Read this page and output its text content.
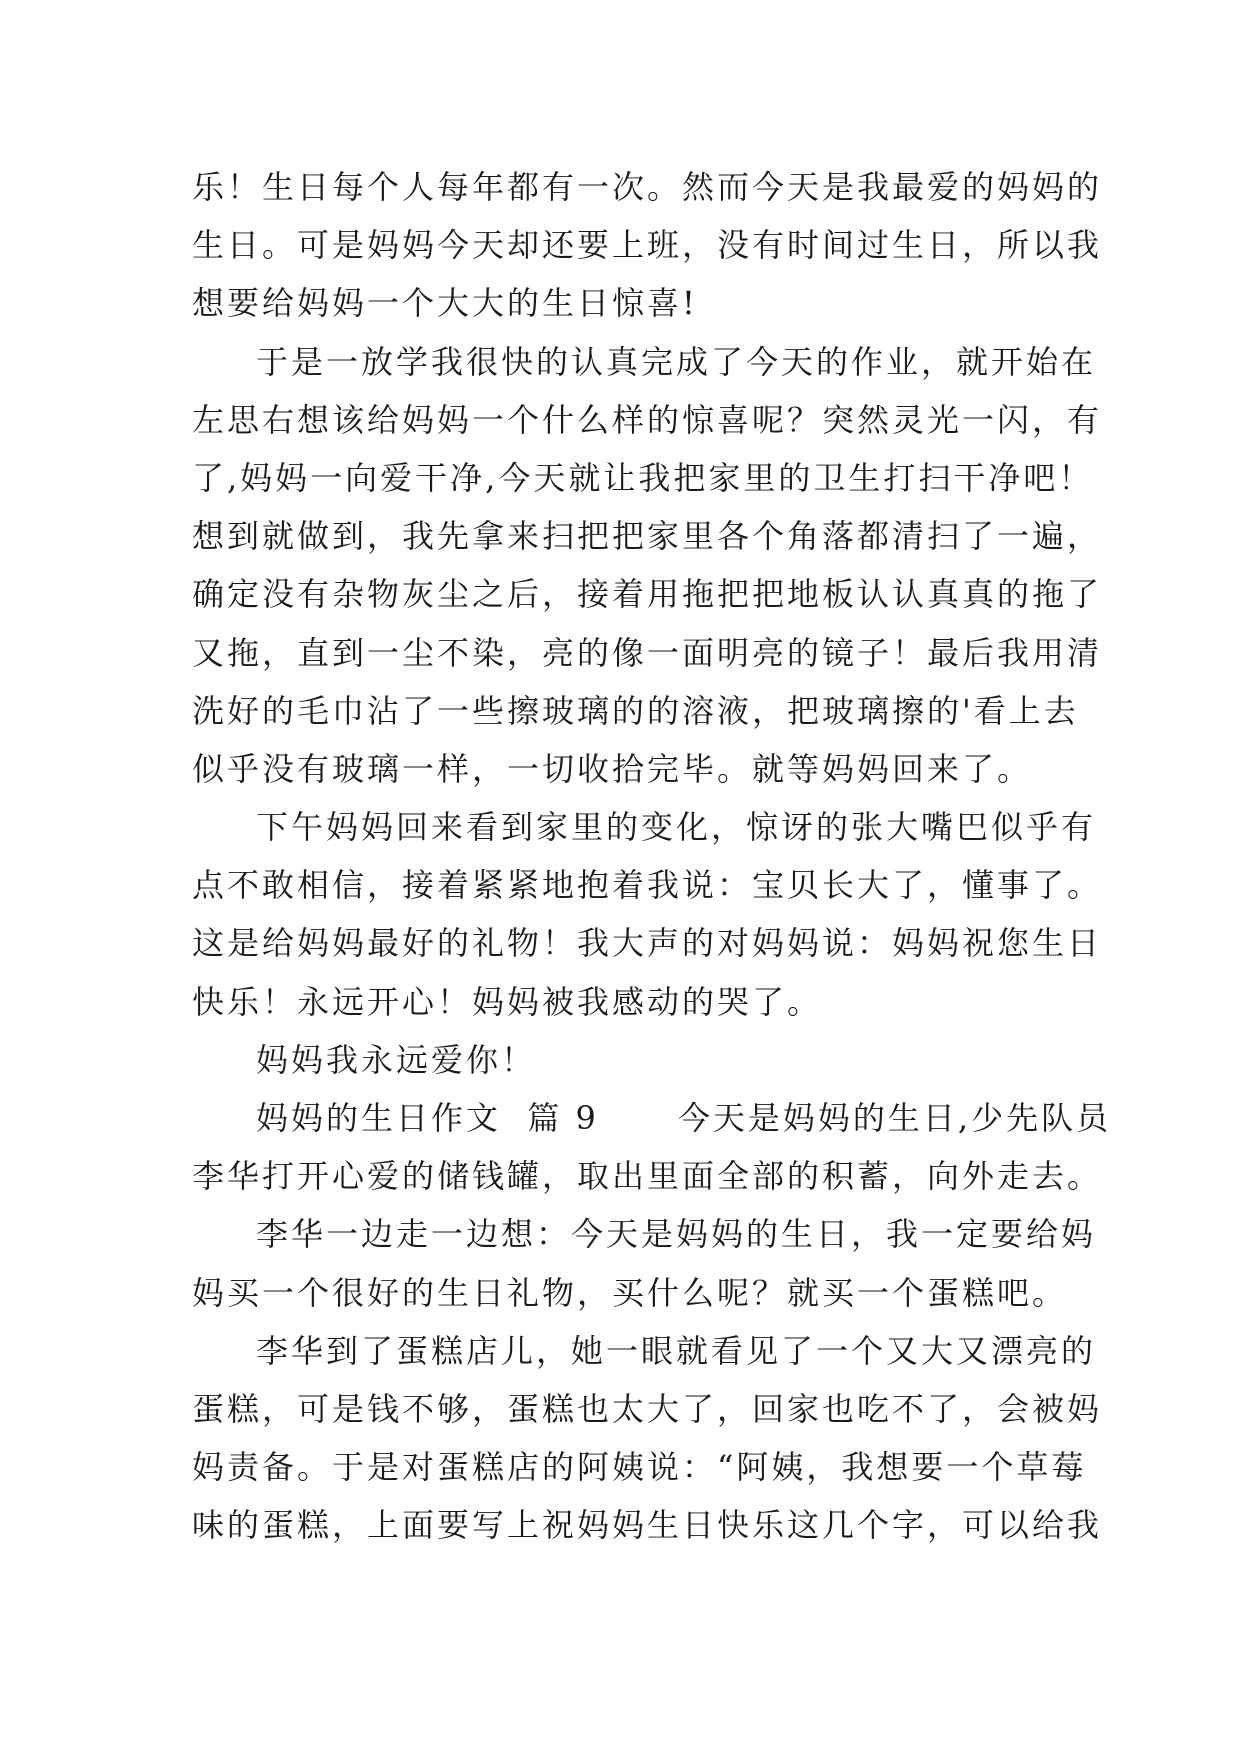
乐！生日每个人每年都有一次。然而今天是我最爱的妈妈的
生日。可是妈妈今天却还要上班，没有时间过生日，所以我
想要给妈妈一个大大的生日惊喜!
于是一放学我很快的认真完成了今天的作业，就开始在
左思右想该给妈妈一个什么样的惊喜呢？突然灵光一闪，有
了,妈妈一向爱干净,今天就让我把家里的卫生打扫干净吧！
想到就做到，我先拿来扫把把家里各个角落都清扫了一遍，
确定没有杂物灰尘之后，接着用拖把把地板认认真真的拖了
又拖，直到一尘不染，亮的像一面明亮的镜子！最后我用清
洗好的毛巾沾了一些擦玻璃的的溶液，把玻璃擦的'看上去
似乎没有玻璃一样，一切收拾完毕。就等妈妈回来了。
下午妈妈回来看到家里的变化，惊讶的张大嘴巴似乎有
点不敢相信，接着紧紧地抱着我说：宝贝长大了，懂事了。
这是给妈妈最好的礼物！我大声的对妈妈说：妈妈祝您生日
快乐！永远开心！妈妈被我感动的哭了。
妈妈我永远爱你！
妈妈的生日作文  篇 9      今天是妈妈的生日,少先队员
李华打开心爱的储钱罐，取出里面全部的积蓄，向外走去。
李华一边走一边想：今天是妈妈的生日，我一定要给妈
妈买一个很好的生日礼物，买什么呢？就买一个蛋糕吧。
李华到了蛋糕店儿，她一眼就看见了一个又大又漂亮的
蛋糕，可是钱不够，蛋糕也太大了，回家也吃不了，会被妈
妈责备。于是对蛋糕店的阿姨说：“阿姨，我想要一个草莓
味的蛋糕，上面要写上祝妈妈生日快乐这几个字，可以给我
